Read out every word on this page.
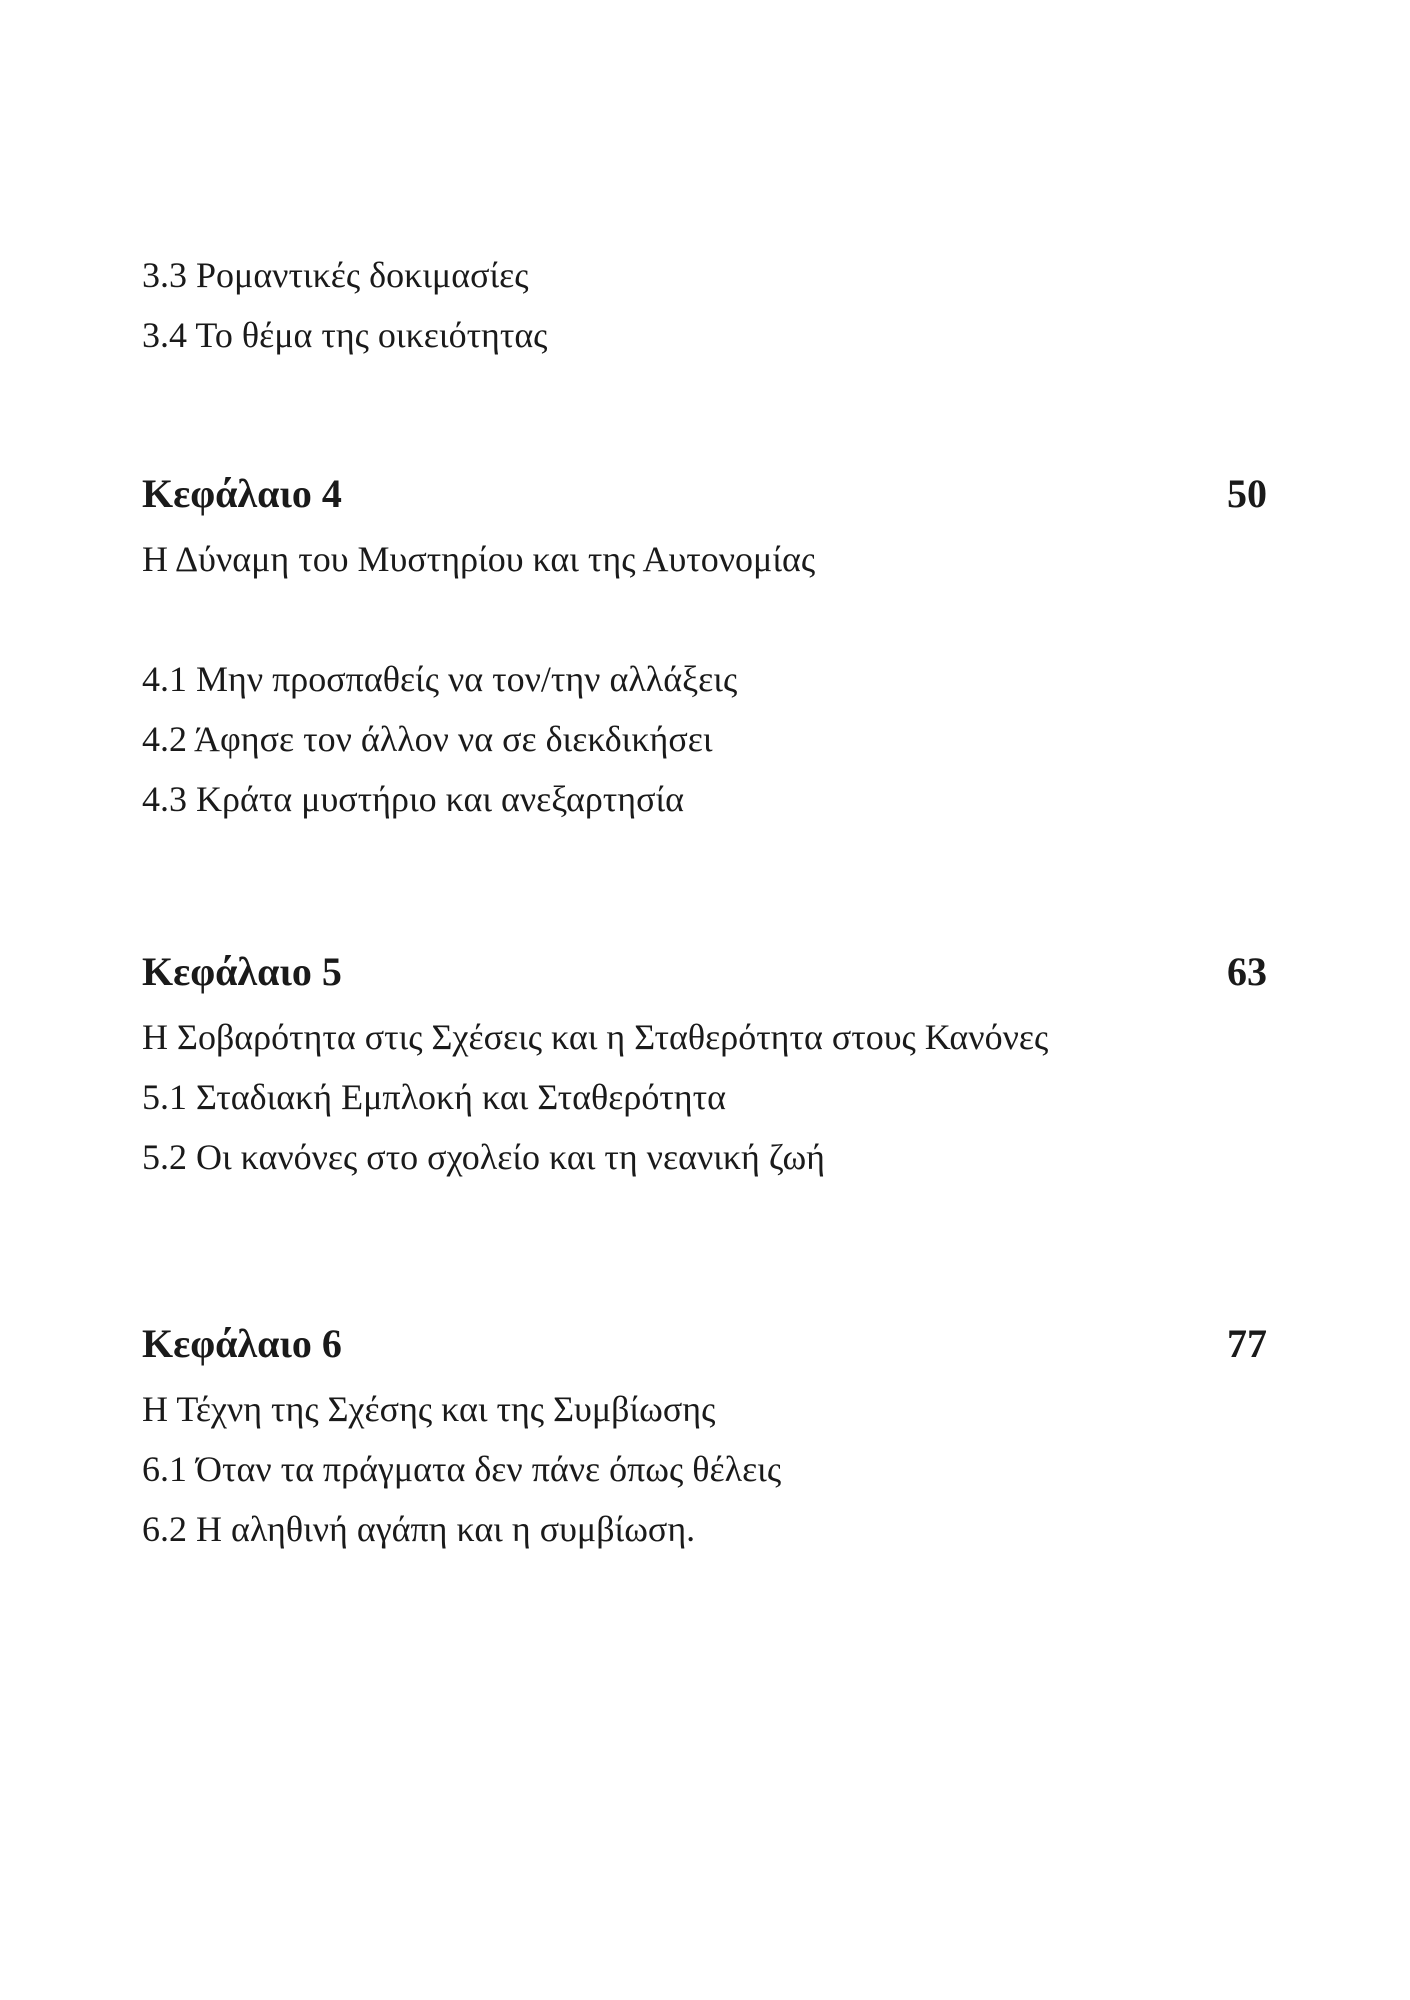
3.3 Ρομαντικές δοκιμασίες
3.4 Το θέμα της οικειότητας
Κεφάλαιο 4	50
Η Δύναμη του Μυστηρίου και της Αυτονομίας
4.1 Μην προσπαθείς να τον/την αλλάξεις
4.2 Άφησε τον άλλον να σε διεκδικήσει
4.3 Κράτα μυστήριο και ανεξαρτησία
Κεφάλαιο 5	63
Η Σοβαρότητα στις Σχέσεις και η Σταθερότητα στους Κανόνες
5.1 Σταδιακή Εμπλοκή και Σταθερότητα
5.2 Οι κανόνες στο σχολείο και τη νεανική ζωή
Κεφάλαιο 6	77
Η Τέχνη της Σχέσης και της Συμβίωσης
6.1 Όταν τα πράγματα δεν πάνε όπως θέλεις
6.2 Η αληθινή αγάπη και η συμβίωση.
